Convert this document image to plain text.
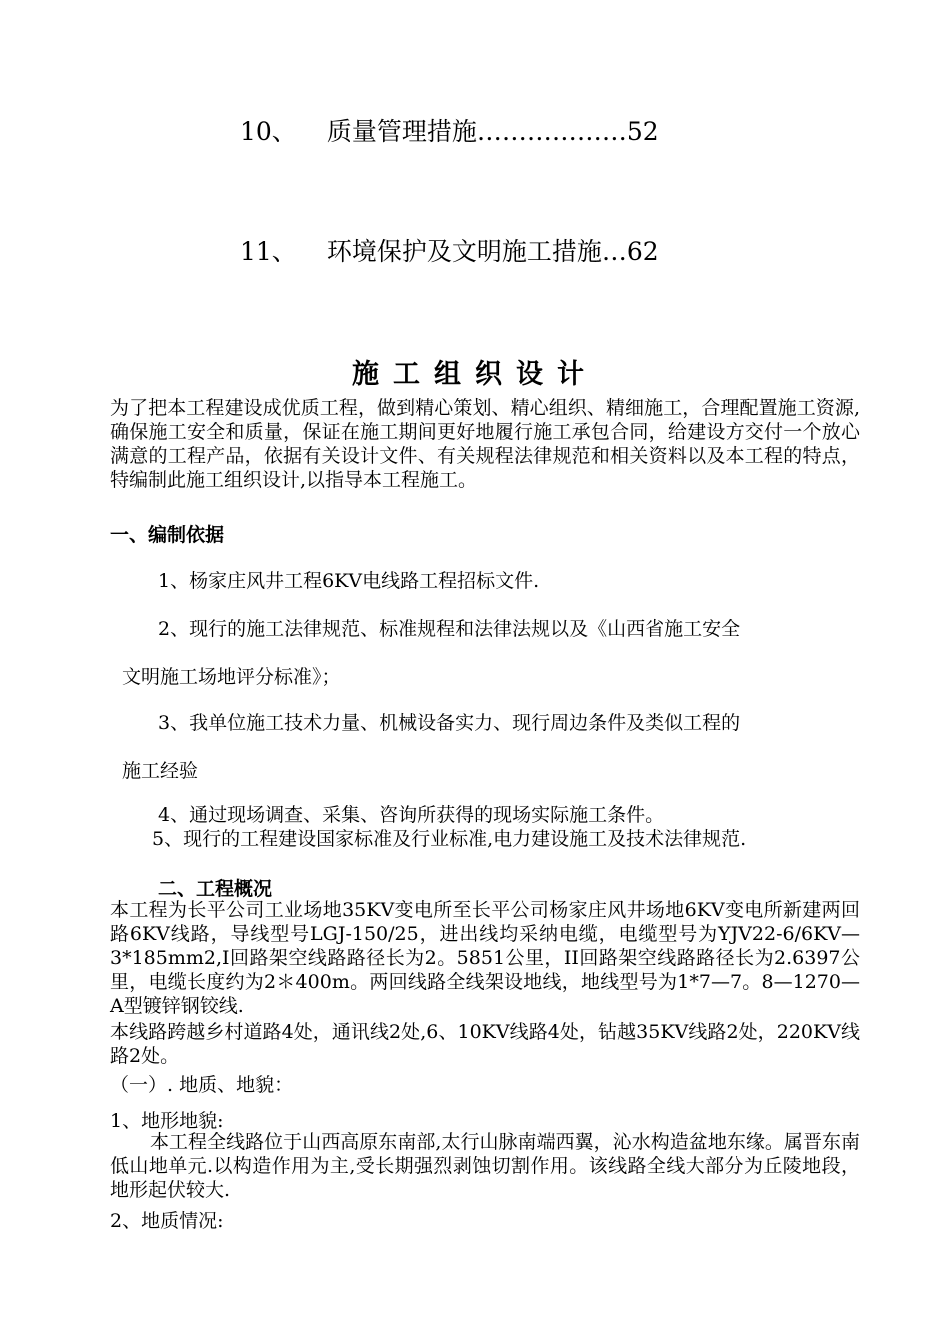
10、 质量管理措施………………52
11、 环境保护及文明施工措施…62
施工组织设计
为了把本工程建设成优质工程，做到精心策划、精心组织、精细施工，合理配置施工资源,确保施工安全和质量，保证在施工期间更好地履行施工承包合同，给建设方交付一个放心满意的工程产品，依据有关设计文件、有关规程法律规范和相关资料以及本工程的特点，特编制此施工组织设计,以指导本工程施工。
一、编制依据
1、杨家庄风井工程6KV电线路工程招标文件.
2、现行的施工法律规范、标准规程和法律法规以及《山西省施工安全
文明施工场地评分标准》；
3、我单位施工技术力量、机械设备实力、现行周边条件及类似工程的
施工经验
4、通过现场调查、采集、咨询所获得的现场实际施工条件。
5、现行的工程建设国家标准及行业标准,电力建设施工及技术法律规范.
二、工程概况
本工程为长平公司工业场地35KV变电所至长平公司杨家庄风井场地6KV变电所新建两回路6KV线路，导线型号LGJ-150/25，进出线均采纳电缆，电缆型号为YJV22-6/6KV—3*185mm2,I回路架空线路路径长为2。5851公里，II回路架空线路路径长为2.6397公里，电缆长度约为2＊400m。两回线路全线架设地线，地线型号为1*7—7。8—1270—A型镀锌钢铰线.
本线路跨越乡村道路4处，通讯线2处,6、10KV线路4处，钻越35KV线路2处，220KV线路2处。
（一）. 地质、地貌：
1、地形地貌:
本工程全线路位于山西高原东南部,太行山脉南端西翼，沁水构造盆地东缘。属晋东南低山地单元.以构造作用为主,受长期强烈剥蚀切割作用。该线路全线大部分为丘陵地段，地形起伏较大.
2、地质情况:
